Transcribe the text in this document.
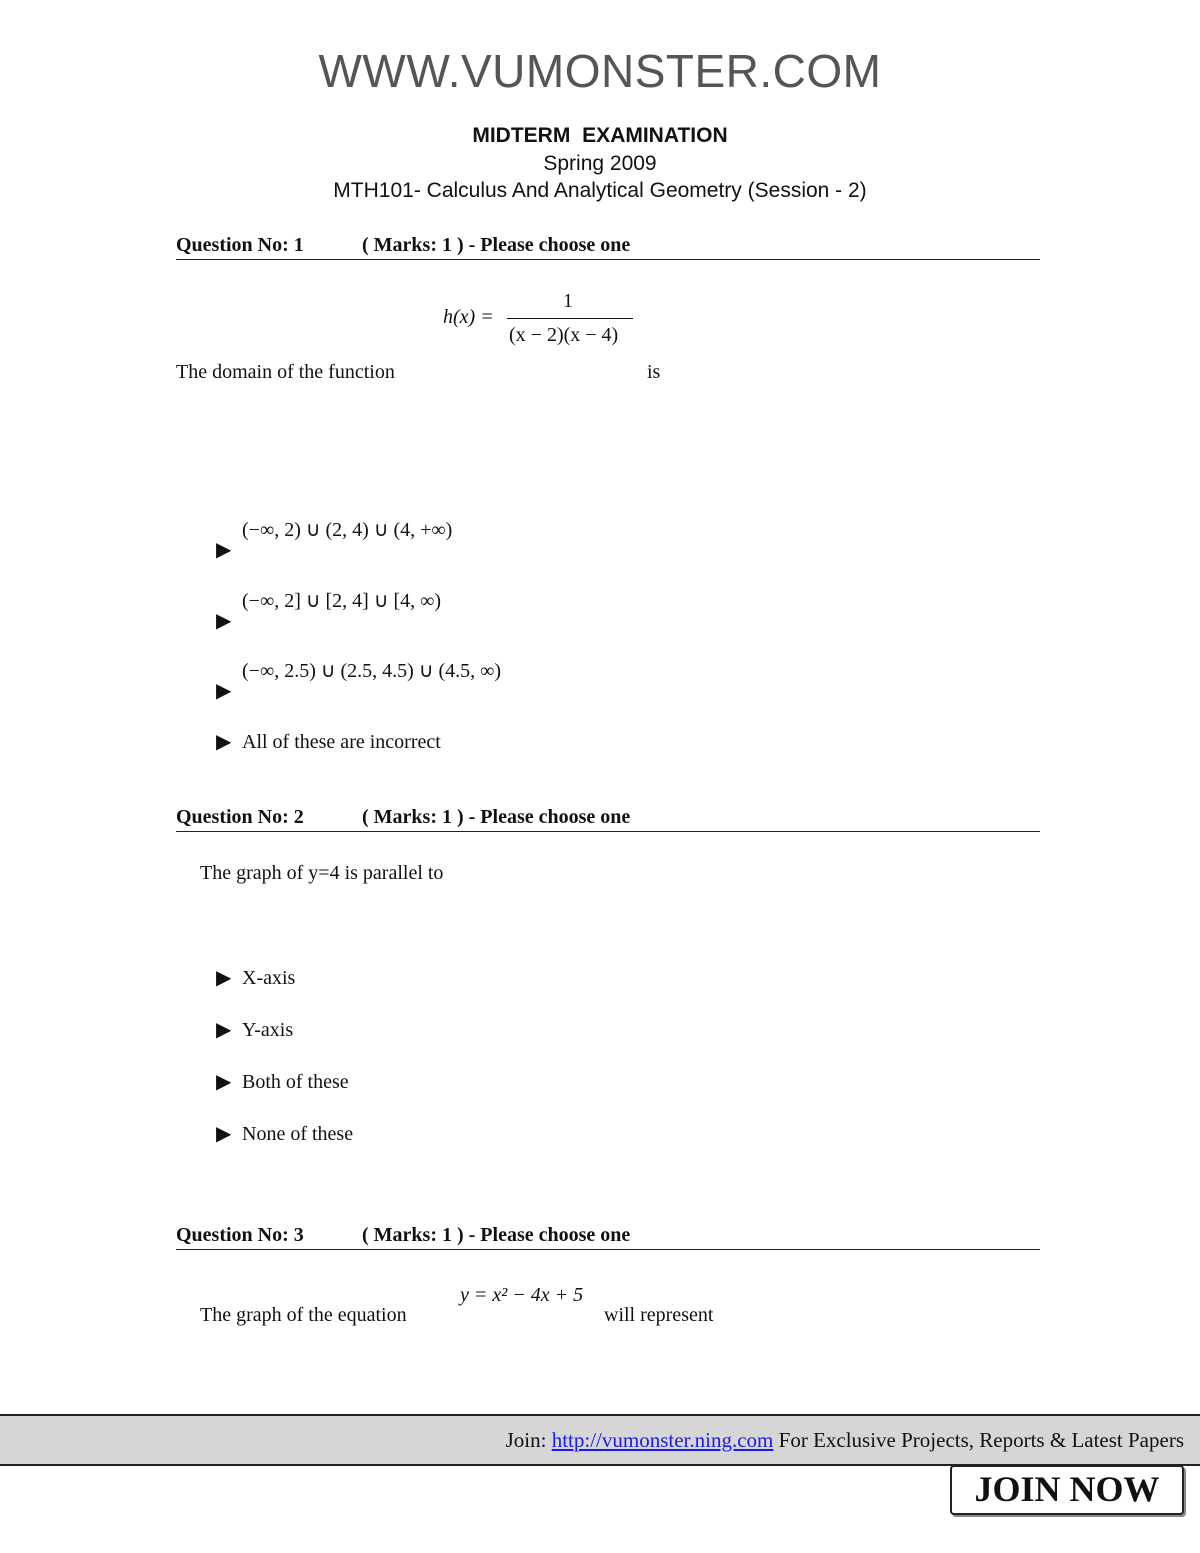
WWW.VUMONSTER.COM
MIDTERM EXAMINATION
Spring 2009
MTH101- Calculus And Analytical Geometry (Session - 2)
Question No: 1	( Marks: 1 ) - Please choose one
h(x) =
1
(x − 2)(x − 4)
The domain of the function	is
▶(−∞, 2) ∪ (2, 4) ∪ (4, +∞)
▶(−∞, 2] ∪ [2, 4] ∪ [4, ∞)
▶(−∞, 2.5) ∪ (2.5, 4.5) ∪ (4.5, ∞)
▶ All of these are incorrect
Question No: 2	( Marks: 1 ) - Please choose one
The graph of y=4 is parallel to
▶ X-axis
▶ Y-axis
▶ Both of these
▶ None of these
Question No: 3	( Marks: 1 ) - Please choose one
The graph of the equation
y = x² − 4x + 5
will represent
Join: http://vumonster.ning.com For Exclusive Projects, Reports & Latest Papers
JOIN NOW
